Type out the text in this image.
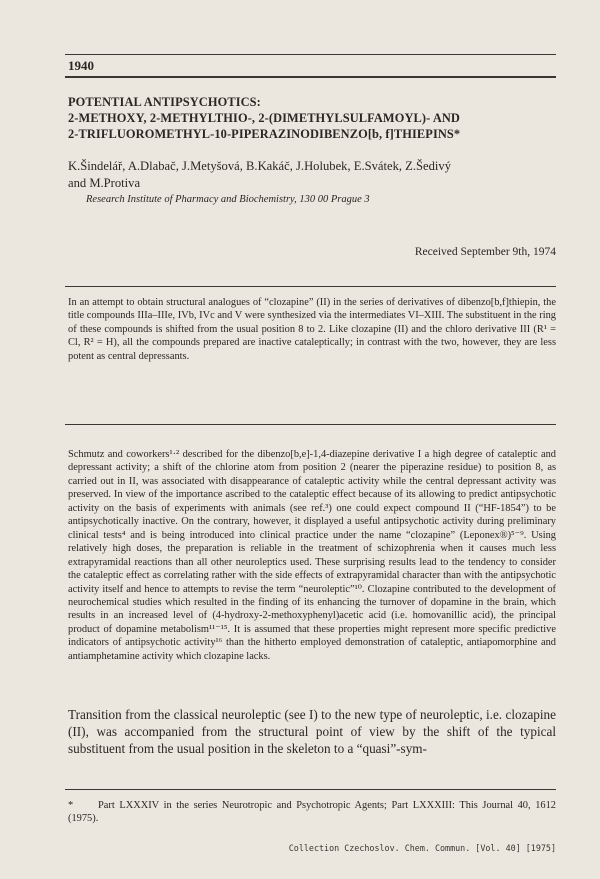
1940
POTENTIAL ANTIPSYCHOTICS:
2-METHOXY, 2-METHYLTHIO-, 2-(DIMETHYLSULFAMOYL)- AND
2-TRIFLUOROMETHYL-10-PIPERAZINODIBENZO[b, f]THIEPINS*
K.Šindelář, A.Dlabač, J.Metyšová, B.Kakáč, J.Holubek, E.Svátek, Z.Šedivý
and M.Protiva
Research Institute of Pharmacy and Biochemistry, 130 00 Prague 3
Received September 9th, 1974

In an attempt to obtain structural analogues of “clozapine” (II) in the series of derivatives of dibenzo[b,f]thiepin, the title compounds IIIa–IIIe, IVb, IVc and V were synthesized via the intermediates VI–XIII. The substituent in the ring of these compounds is shifted from the usual position 8 to 2. Like clozapine (II) and the chloro derivative III (R¹ = Cl, R² = H), all the compounds prepared are inactive cataleptically; in contrast with the two, however, they are less potent as central depressants.

Schmutz and coworkers¹·² described for the dibenzo[b,e]-1,4-diazepine derivative I a high degree of cataleptic and depressant activity; a shift of the chlorine atom from position 2 (nearer the piperazine residue) to position 8, as carried out in II, was associated with disappearance of cataleptic activity while the central depressant activity was preserved. In view of the importance ascribed to the cataleptic effect because of its allowing to predict antipsychotic activity on the basis of experiments with animals (see ref.³) one could expect compound II (“HF-1854”) to be antipsychotically inactive. On the contrary, however, it displayed a useful antipsychotic activity during preliminary clinical tests⁴ and is being introduced into clinical practice under the name “clozapine” (Leponex®)⁵⁻⁹. Using relatively high doses, the preparation is reliable in the treatment of schizophrenia when it causes much less extrapyramidal reactions than all other neuroleptics used. These surprising results lead to the tendency to consider the cataleptic effect as correlating rather with the side effects of extrapyramidal character than with the antipsychotic activity itself and hence to attempts to revise the term “neuroleptic”¹⁰. Clozapine contributed to the development of neurochemical studies which resulted in the finding of its enhancing the turnover of dopamine in the brain, which results in an increased level of (4-hydroxy-2-methoxyphenyl)acetic acid (i.e. homovanillic acid), the principal product of dopamine metabolism¹¹⁻¹⁵. It is assumed that these properties might represent more specific predictive indicators of antipsychotic activity¹⁶ than the hitherto employed demonstration of cataleptic, antiapomorphine and antiamphetamine activity which clozapine lacks.

Transition from the classical neuroleptic (see I) to the new type of neuroleptic, i.e. clozapine (II), was accompanied from the structural point of view by the shift of the typical substituent from the usual position in the skeleton to a “quasi”-sym-

* Part LXXXIV in the series Neurotropic and Psychotropic Agents; Part LXXXIII: This Journal 40, 1612 (1975).

Collection Czechoslov. Chem. Commun. [Vol. 40] [1975]
